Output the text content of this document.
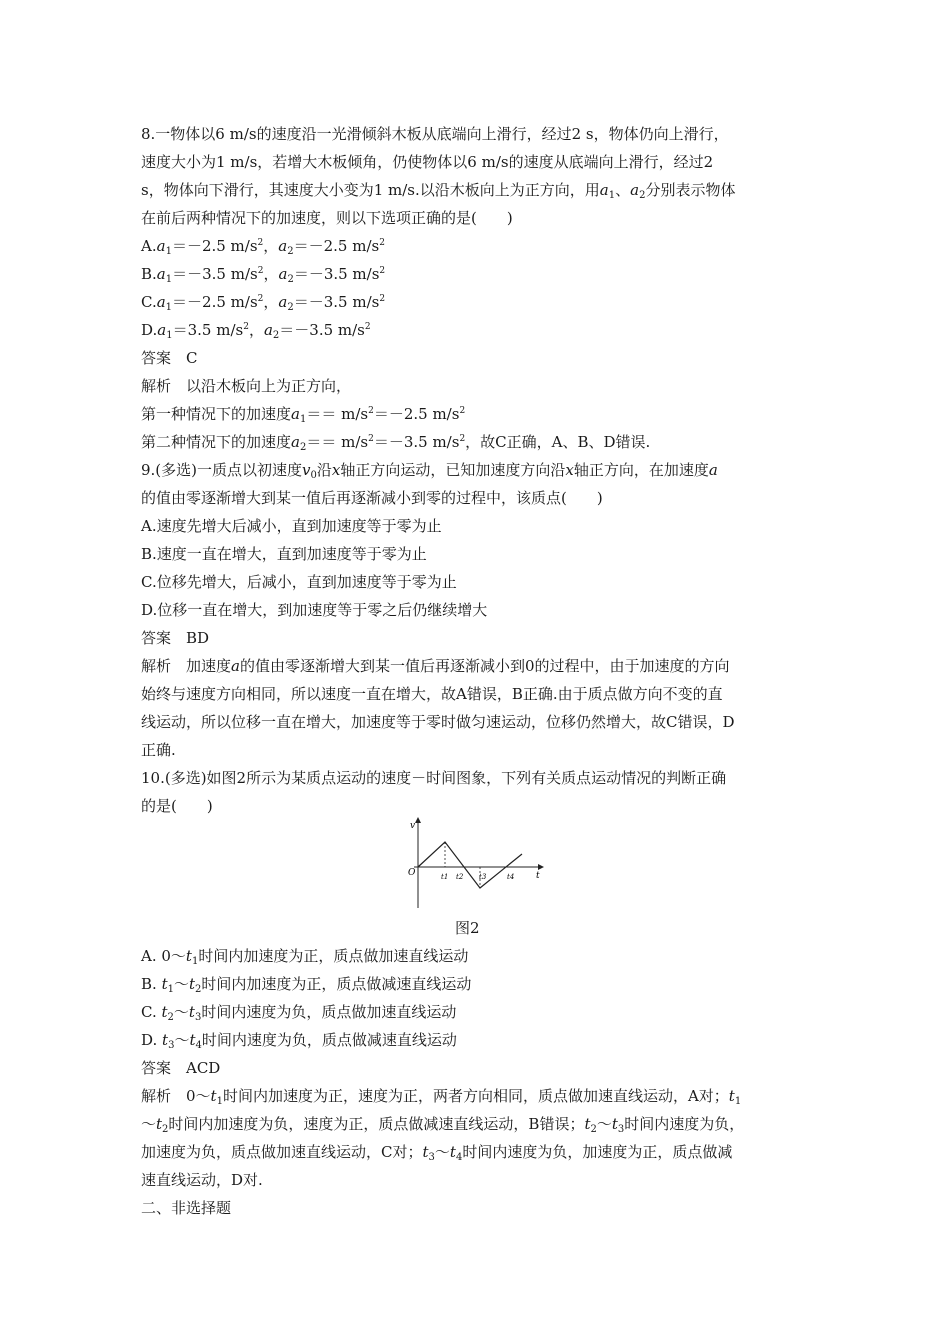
8.一物体以6 m/s的速度沿一光滑倾斜木板从底端向上滑行，经过2 s，物体仍向上滑行，
速度大小为1 m/s，若增大木板倾角，仍使物体以6 m/s的速度从底端向上滑行，经过2
s，物体向下滑行，其速度大小变为1 m/s.以沿木板向上为正方向，用$a_1$、$a_2$分别表示物体
在前后两种情况下的加速度，则以下选项正确的是(　　)
$A.a_1=-2.5$ $m/s^2$，$a_2=-2.5$ $m/s^2$
$B.a_1=-3.5$ $m/s^2$，$a_2=-3.5$ $m/s^2$
$C.a_1=-2.5$ $m/s^2$，$a_2=-3.5$ $m/s^2$
$D.a_1=3.5$ $m/s^2$，$a_2=-3.5$ $m/s^2$
答案　C
解析　以沿木板向上为正方向，
第一种情况下的加速度$a_1== m/s^2=-2.5$ $m/s^2$
第二种情况下的加速度$a_2== m/s^2=-3.5$ $m/s^2$，故C正确，A、B、D错误.
9.(多选)一质点以初速度$v_0$沿x轴正方向运动，已知加速度方向沿x轴正方向，在加速度a
的值由零逐渐增大到某一值后再逐渐减小到零的过程中，该质点(　　)
A.速度先增大后减小，直到加速度等于零为止
B.速度一直在增大，直到加速度等于零为止
C.位移先增大，后减小，直到加速度等于零为止
D.位移一直在增大，到加速度等于零之后仍继续增大
答案　BD
解析　加速度a的值由零逐渐增大到某一值后再逐渐减小到0的过程中，由于加速度的方向
始终与速度方向相同，所以速度一直在增大，故A错误，B正确.由于质点做方向不变的直
线运动，所以位移一直在增大，加速度等于零时做匀速运动，位移仍然增大，故C错误，D
正确.
10.(多选)如图2所示为某质点运动的速度－时间图象，下列有关质点运动情况的判断正确
的是(　　)
v
t
O	t1 t2 t3	t4
图2
A. $0\sim t_1$时间内加速度为正，质点做加速直线运动
B. $t_1\sim t_2$时间内加速度为正，质点做减速直线运动
C. $t_2\sim t_3$时间内速度为负，质点做加速直线运动
D. $t_3\sim t_4$时间内速度为负，质点做减速直线运动
答案　ACD
解析　$0\sim t_1$时间内加速度为正，速度为正，两者方向相同，质点做加速直线运动，A对；$t_1$
$\sim t_2$时间内加速度为负，速度为正，质点做减速直线运动，B错误；$t_2\sim t_3$时间内速度为负，
加速度为负，质点做加速直线运动，C对；$t_3\sim t_4$时间内速度为负，加速度为正，质点做减
速直线运动，D对.
二、非选择题
